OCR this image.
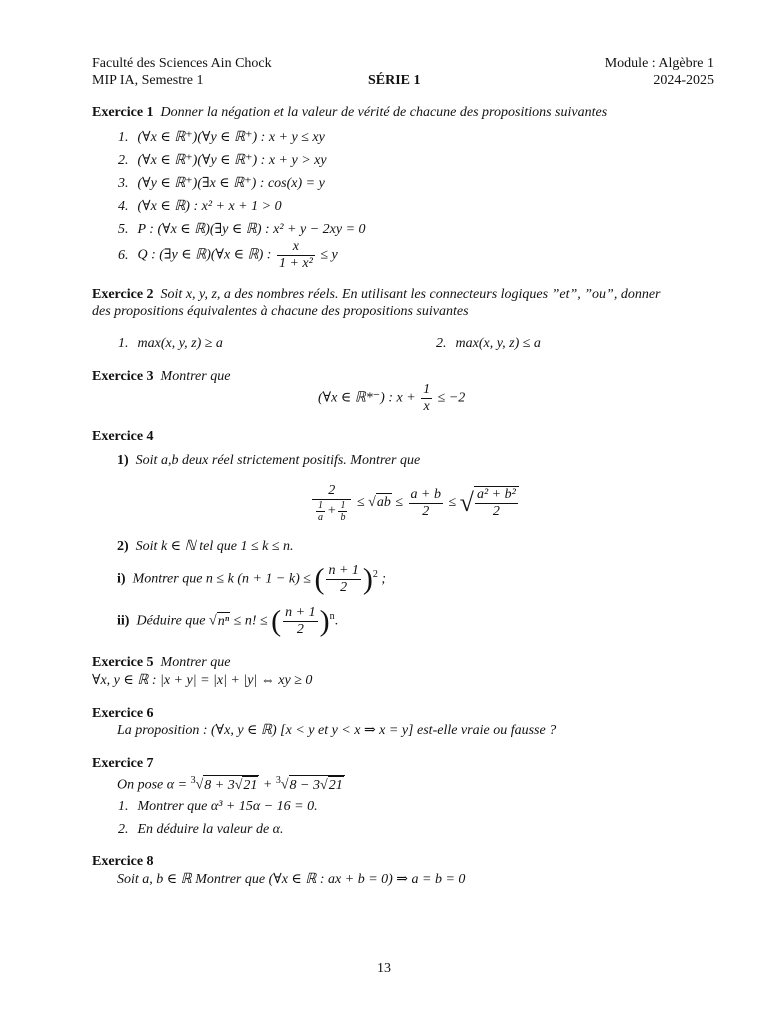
Faculté des Sciences Ain Chock	Module : Algèbre 1
MIP IA, Semestre 1	SÉRIE 1	2024-2025
Exercice 1 Donner la négation et la valeur de vérité de chacune des propositions suivantes
1. (∀x ∈ ℝ⁺)(∀y ∈ ℝ⁺) : x + y ≤ xy
2. (∀x ∈ ℝ⁺)(∀y ∈ ℝ⁺) : x + y > xy
3. (∀y ∈ ℝ⁺)(∃x ∈ ℝ⁺) : cos(x) = y
4. (∀x ∈ ℝ) : x² + x + 1 > 0
5. P : (∀x ∈ ℝ)(∃y ∈ ℝ) : x² + y − 2xy = 0
6. Q : (∃y ∈ ℝ)(∀x ∈ ℝ) : $\frac{x}{\text{1 + x²}} \le y$
Exercice 2 Soit x, y, z, a des nombres réels. En utilisant les connecteurs logiques ”et”, ”ou”, donner
des propositions équivalentes à chacune des propositions suivantes
1. max(x, y, z) ≥ a	2. max(x, y, z) ≤ a
Exercice 3 Montrer que
(∀x ∈ ℝ*⁻) : $x + \frac{1}{x} \le -2$
Exercice 4
1) Soit a,b deux réel strictement positifs. Montrer que
$\frac{2}{\frac{1}{a} + \frac{1}{b}} \le √ab \le \frac{a + b}{2}$ ≤ √ $\frac{\text{a² + b²}}{2}$
2) Soit k ∈ ℕ tel que 1 ≤ k ≤ n.
i) Montrer que n ≤ k (n + 1 − k) ≤ ( $\frac{n + 1}{2} )^2$ ;
ii) Déduire que √nⁿ ≤ n! ≤ ( $\frac{n + 1}{2} )^n$.
Exercice 5 Montrer que
∀x, y ∈ ℝ : |x + y| = |x| + |y| ⇔ xy ≥ 0
Exercice 6
La proposition : (∀x, y ∈ ℝ) [x < y et y < x ⇒ x = y] est-elle vraie ou fausse ?
Exercice 7
On pose α = $^3$√8 + 3√21 + $^3$√8 − 3√21
1. Montrer que α³ + 15α − 16 = 0.
2. En déduire la valeur de α.
Exercice 8
Soit a, b ∈ ℝ Montrer que (∀x ∈ ℝ : ax + b = 0) ⇒ a = b = 0
13
